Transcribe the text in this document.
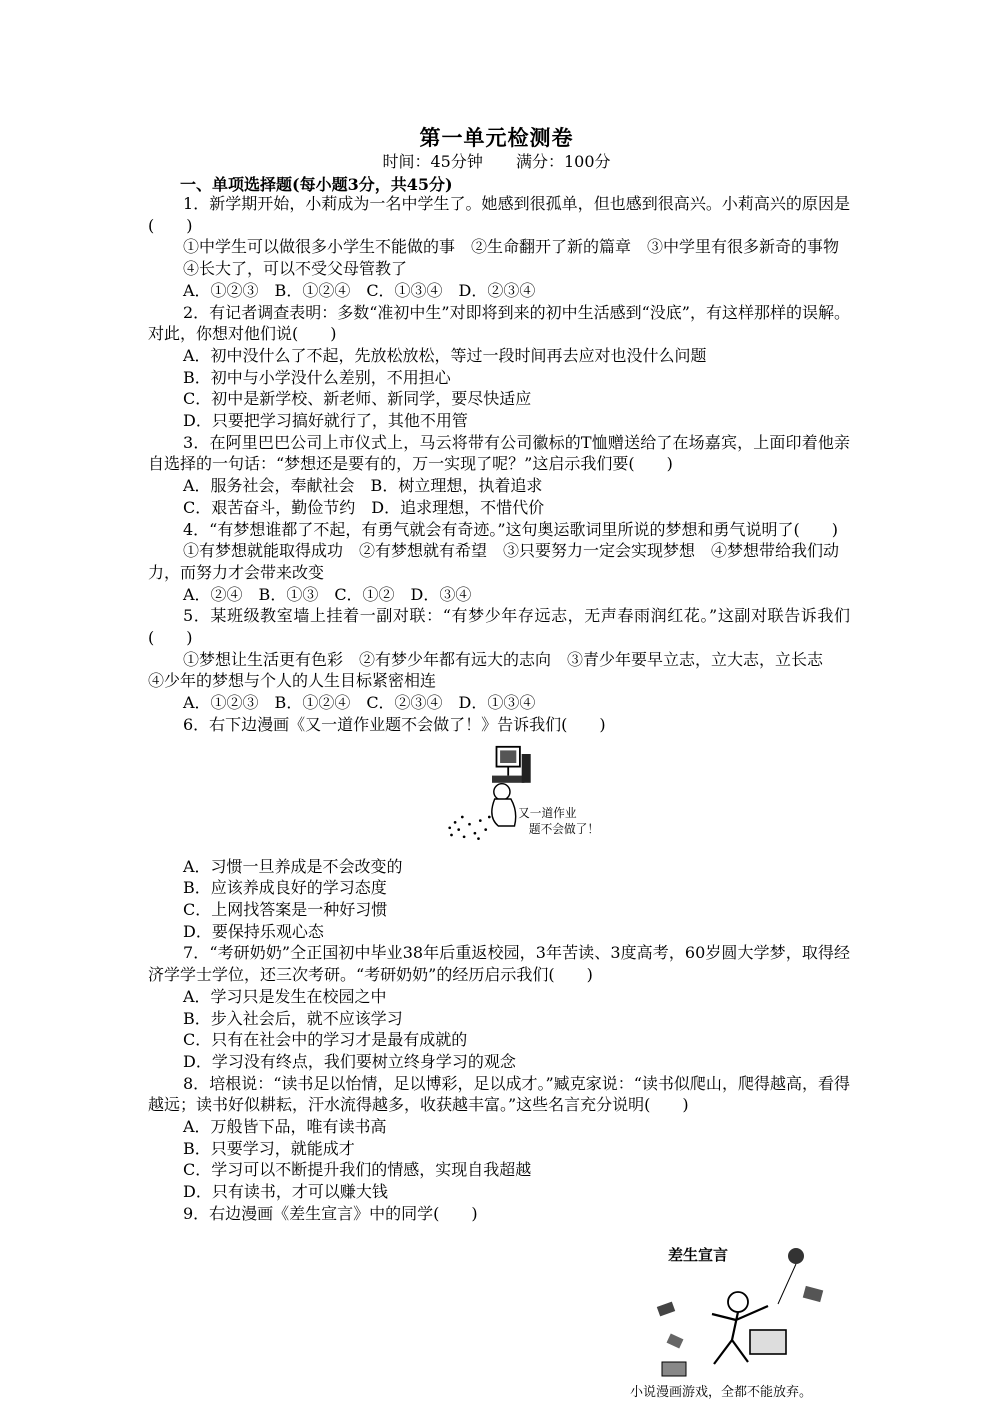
第一单元检测卷
时间：45分钟 满分：100分
一、单项选择题(每小题3分，共45分)

1．新学期开始，小莉成为一名中学生了。她感到很孤单，但也感到很高兴。小莉高兴的原因是(　　)

①中学生可以做很多小学生不能做的事　②生命翻开了新的篇章　③中学里有很多新奇的事物

④长大了，可以不受父母管教了

A．①②③　B．①②④　C．①③④　D．②③④

2．有记者调查表明：多数“准初中生”对即将到来的初中生活感到“没底”，有这样那样的误解。对此，你想对他们说(　　)

A．初中没什么了不起，先放松放松，等过一段时间再去应对也没什么问题

B．初中与小学没什么差别，不用担心

C．初中是新学校、新老师、新同学，要尽快适应

D．只要把学习搞好就行了，其他不用管

3．在阿里巴巴公司上市仪式上，马云将带有公司徽标的T恤赠送给了在场嘉宾，上面印着他亲自选择的一句话：“梦想还是要有的，万一实现了呢？”这启示我们要(　　)

A．服务社会，奉献社会　B．树立理想，执着追求

C．艰苦奋斗，勤俭节约　D．追求理想，不惜代价

4．“有梦想谁都了不起，有勇气就会有奇迹。”这句奥运歌词里所说的梦想和勇气说明了(　　)

①有梦想就能取得成功　②有梦想就有希望　③只要努力一定会实现梦想　④梦想带给我们动力，而努力才会带来改变

A．②④　B．①③　C．①②　D．③④

5．某班级教室墙上挂着一副对联：“有梦少年存远志，无声春雨润红花。”这副对联告诉我们(　　)

①梦想让生活更有色彩　②有梦少年都有远大的志向　③青少年要早立志，立大志，立长志　④少年的梦想与个人的人生目标紧密相连

A．①②③　B．①②④　C．②③④　D．①③④

6．右下边漫画《又一道作业题不会做了！》告诉我们(　　)

又一道作业
题不会做了！

A．习惯一旦养成是不会改变的

B．应该养成良好的学习态度

C．上网找答案是一种好习惯

D．要保持乐观心态

7．“考研奶奶”仝正国初中毕业38年后重返校园，3年苦读、3度高考，60岁圆大学梦，取得经济学学士学位，还三次考研。“考研奶奶”的经历启示我们(　　)

A．学习只是发生在校园之中

B．步入社会后，就不应该学习

C．只有在社会中的学习才是最有成就的

D．学习没有终点，我们要树立终身学习的观念

8．培根说：“读书足以怡情，足以博彩，足以成才。”臧克家说：“读书似爬山，爬得越高，看得越远；读书好似耕耘，汗水流得越多，收获越丰富。”这些名言充分说明(　　)

A．万般皆下品，唯有读书高

B．只要学习，就能成才

C．学习可以不断提升我们的情感，实现自我超越

D．只有读书，才可以赚大钱

9．右边漫画《差生宣言》中的同学(　　)

差生宣言
小说漫画游戏，全都不能放弃。
